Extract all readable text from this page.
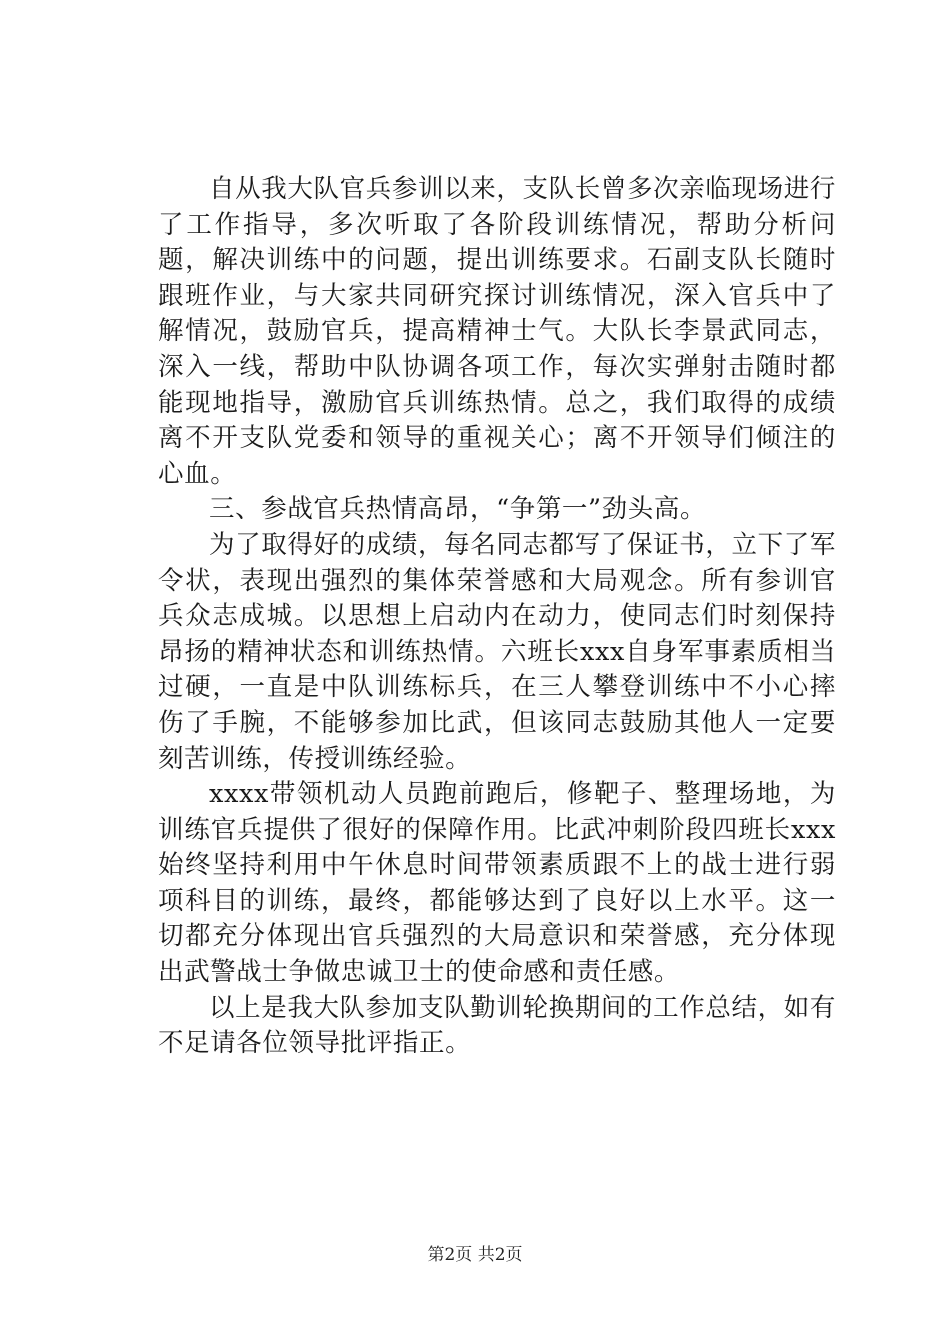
自从我大队官兵参训以来，支队长曾多次亲临现场进行了工作指导，多次听取了各阶段训练情况，帮助分析问题，解决训练中的问题，提出训练要求。石副支队长随时跟班作业，与大家共同研究探讨训练情况，深入官兵中了解情况，鼓励官兵，提高精神士气。大队长李景武同志，深入一线，帮助中队协调各项工作，每次实弹射击随时都能现地指导，激励官兵训练热情。总之，我们取得的成绩离不开支队党委和领导的重视关心；离不开领导们倾注的心血。

三、参战官兵热情高昂，“争第一”劲头高。

为了取得好的成绩，每名同志都写了保证书，立下了军令状，表现出强烈的集体荣誉感和大局观念。所有参训官兵众志成城。以思想上启动内在动力，使同志们时刻保持昂扬的精神状态和训练热情。六班长xxx自身军事素质相当过硬，一直是中队训练标兵，在三人攀登训练中不小心摔伤了手腕，不能够参加比武，但该同志鼓励其他人一定要刻苦训练，传授训练经验。

xxxx带领机动人员跑前跑后，修靶子、整理场地，为训练官兵提供了很好的保障作用。比武冲刺阶段四班长xxx始终坚持利用中午休息时间带领素质跟不上的战士进行弱项科目的训练，最终，都能够达到了良好以上水平。这一切都充分体现出官兵强烈的大局意识和荣誉感，充分体现出武警战士争做忠诚卫士的使命感和责任感。

以上是我大队参加支队勤训轮换期间的工作总结，如有不足请各位领导批评指正。

第2页 共2页
